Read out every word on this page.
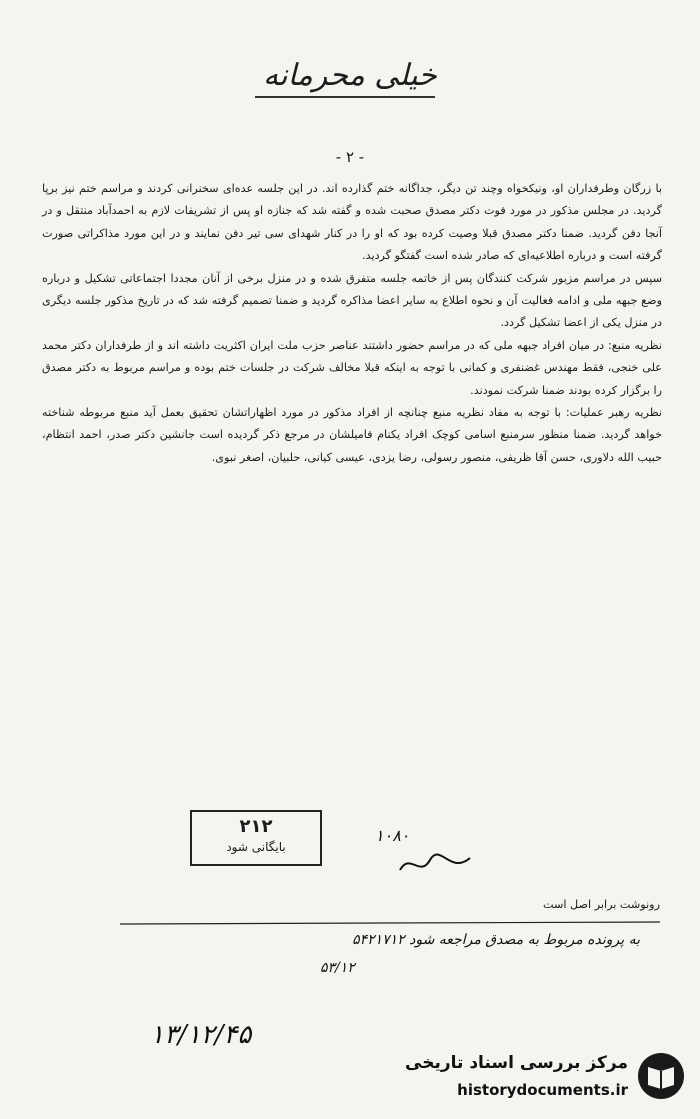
خیلی محرمانه
- ۲ -

با زرگان وطرفداران او، ونیکخواه وچند تن دیگر، جداگانه ختم گذارده اند. در این جلسه عده‌ای سخنرانی کردند و مراسم ختم نیز برپا گردید. در مجلس مذکور در مورد فوت دکتر مصدق صحبت شده و گفته شد که جنازه او پس از تشریفات لازم به احمدآباد منتقل و در آنجا دفن گردید. ضمنا دکتر مصدق قبلا وصیت کرده بود که او را در کنار شهدای سی تیر دفن نمایند و در این مورد مذاکراتی صورت گرفته است و درباره اطلاعیه‌ای که صادر شده است گفتگو گردید.

سپس در مراسم مزبور شرکت کنندگان پس از خاتمه جلسه متفرق شده و در منزل برخی از آنان مجددا اجتماعاتی تشکیل و درباره وضع جبهه ملی و ادامه فعالیت آن و نحوه اطلاع به سایر اعضا مذاکره گردید و ضمنا تصمیم گرفته شد که در تاریخ مذکور جلسه دیگری در منزل یکی از اعضا تشکیل گردد.

نظریه منبع: در میان افراد جبهه ملی که در مراسم حضور داشتند عناصر حزب ملت ایران اکثریت داشته اند و از طرفداران دکتر محمد علی خنجی، فقط مهندس غضنفری و کمانی با توجه به اینکه قبلا مخالف شرکت در جلسات ختم بوده و مراسم مربوط به دکتر مصدق را برگزار کرده بودند ضمنا شرکت نمودند.

نظریه رهبر عملیات: با توجه به مفاد نظریه منبع چنانچه از افراد مذکور در مورد اظهاراتشان تحقیق بعمل آید منبع مربوطه شناخته خواهد گردید. ضمنا منظور سرمنبع اسامی کوچک افراد یکنام فامیلشان در مرجع ذکر گردیده است جانشین دکتر صدر، احمد انتظام، حبیب الله دلاوری، حسن آقا ظریفی، منصور رسولی، رضا یزدی، عیسی کیانی، حلبیان، اصغر نبوی.

۲۱۲
بایگانی شود
۱۰۸۰
رونوشت برابر اصل است
به پرونده مربوط به مصدق مراجعه شود ۵۴۲۱۷۱۲
۵۳/۱۲
۱۳/۱۲/۴۵
مرکز بررسی اسناد تاریخی
historydocuments.ir
